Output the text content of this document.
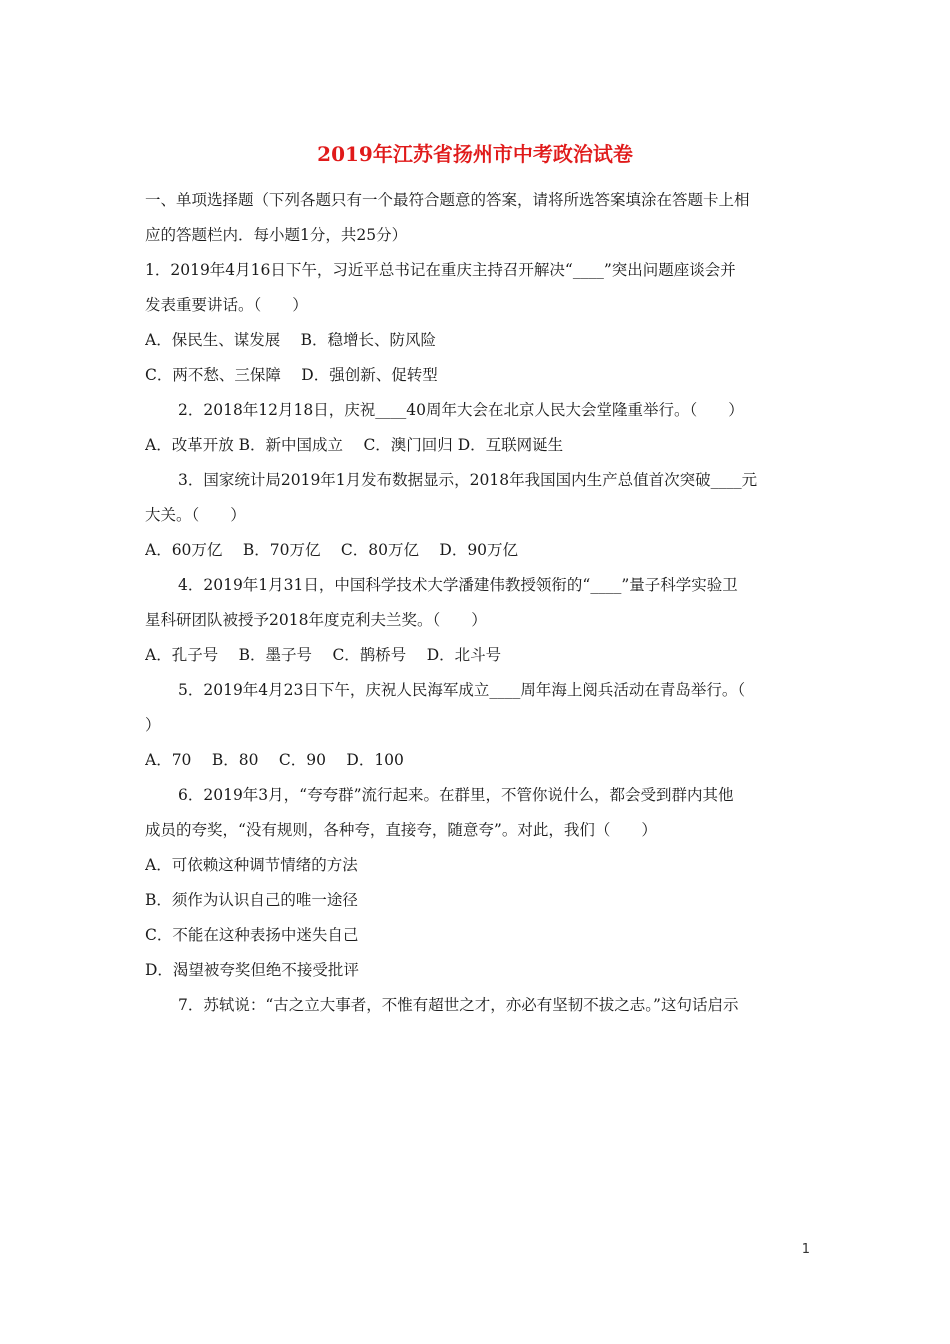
2019年江苏省扬州市中考政治试卷
一、单项选择题（下列各题只有一个最符合题意的答案，请将所选答案填涂在答题卡上相
应的答题栏内．每小题1分，共25分）
1．2019年4月16日下午，习近平总书记在重庆主持召开解决“____”突出问题座谈会并
发表重要讲话。（　　）
A．保民生、谋发展　 B．稳增长、防风险
C．两不愁、三保障　 D．强创新、促转型
2．2018年12月18日，庆祝____40周年大会在北京人民大会堂隆重举行。（　　）
A．改革开放 B．新中国成立　 C．澳门回归 D．互联网诞生
3．国家统计局2019年1月发布数据显示，2018年我国国内生产总值首次突破____元
大关。（　　）
A．60万亿　 B．70万亿　 C．80万亿　 D．90万亿
4．2019年1月31日，中国科学技术大学潘建伟教授领衔的“____”量子科学实验卫
星科研团队被授予2018年度克利夫兰奖。（　　）
A．孔子号　 B．墨子号　 C．鹊桥号　 D．北斗号
5．2019年4月23日下午，庆祝人民海军成立____周年海上阅兵活动在青岛举行。（
）
A．70　 B．80　 C．90　 D．100
6．2019年3月，“夸夸群”流行起来。在群里，不管你说什么，都会受到群内其他
成员的夸奖，“没有规则，各种夸，直接夸，随意夸”。对此，我们（　　）
A．可依赖这种调节情绪的方法
B．须作为认识自己的唯一途径
C．不能在这种表扬中迷失自己
D．渴望被夸奖但绝不接受批评
7．苏轼说：“古之立大事者，不惟有超世之才，亦必有坚韧不拔之志。”这句话启示
1
